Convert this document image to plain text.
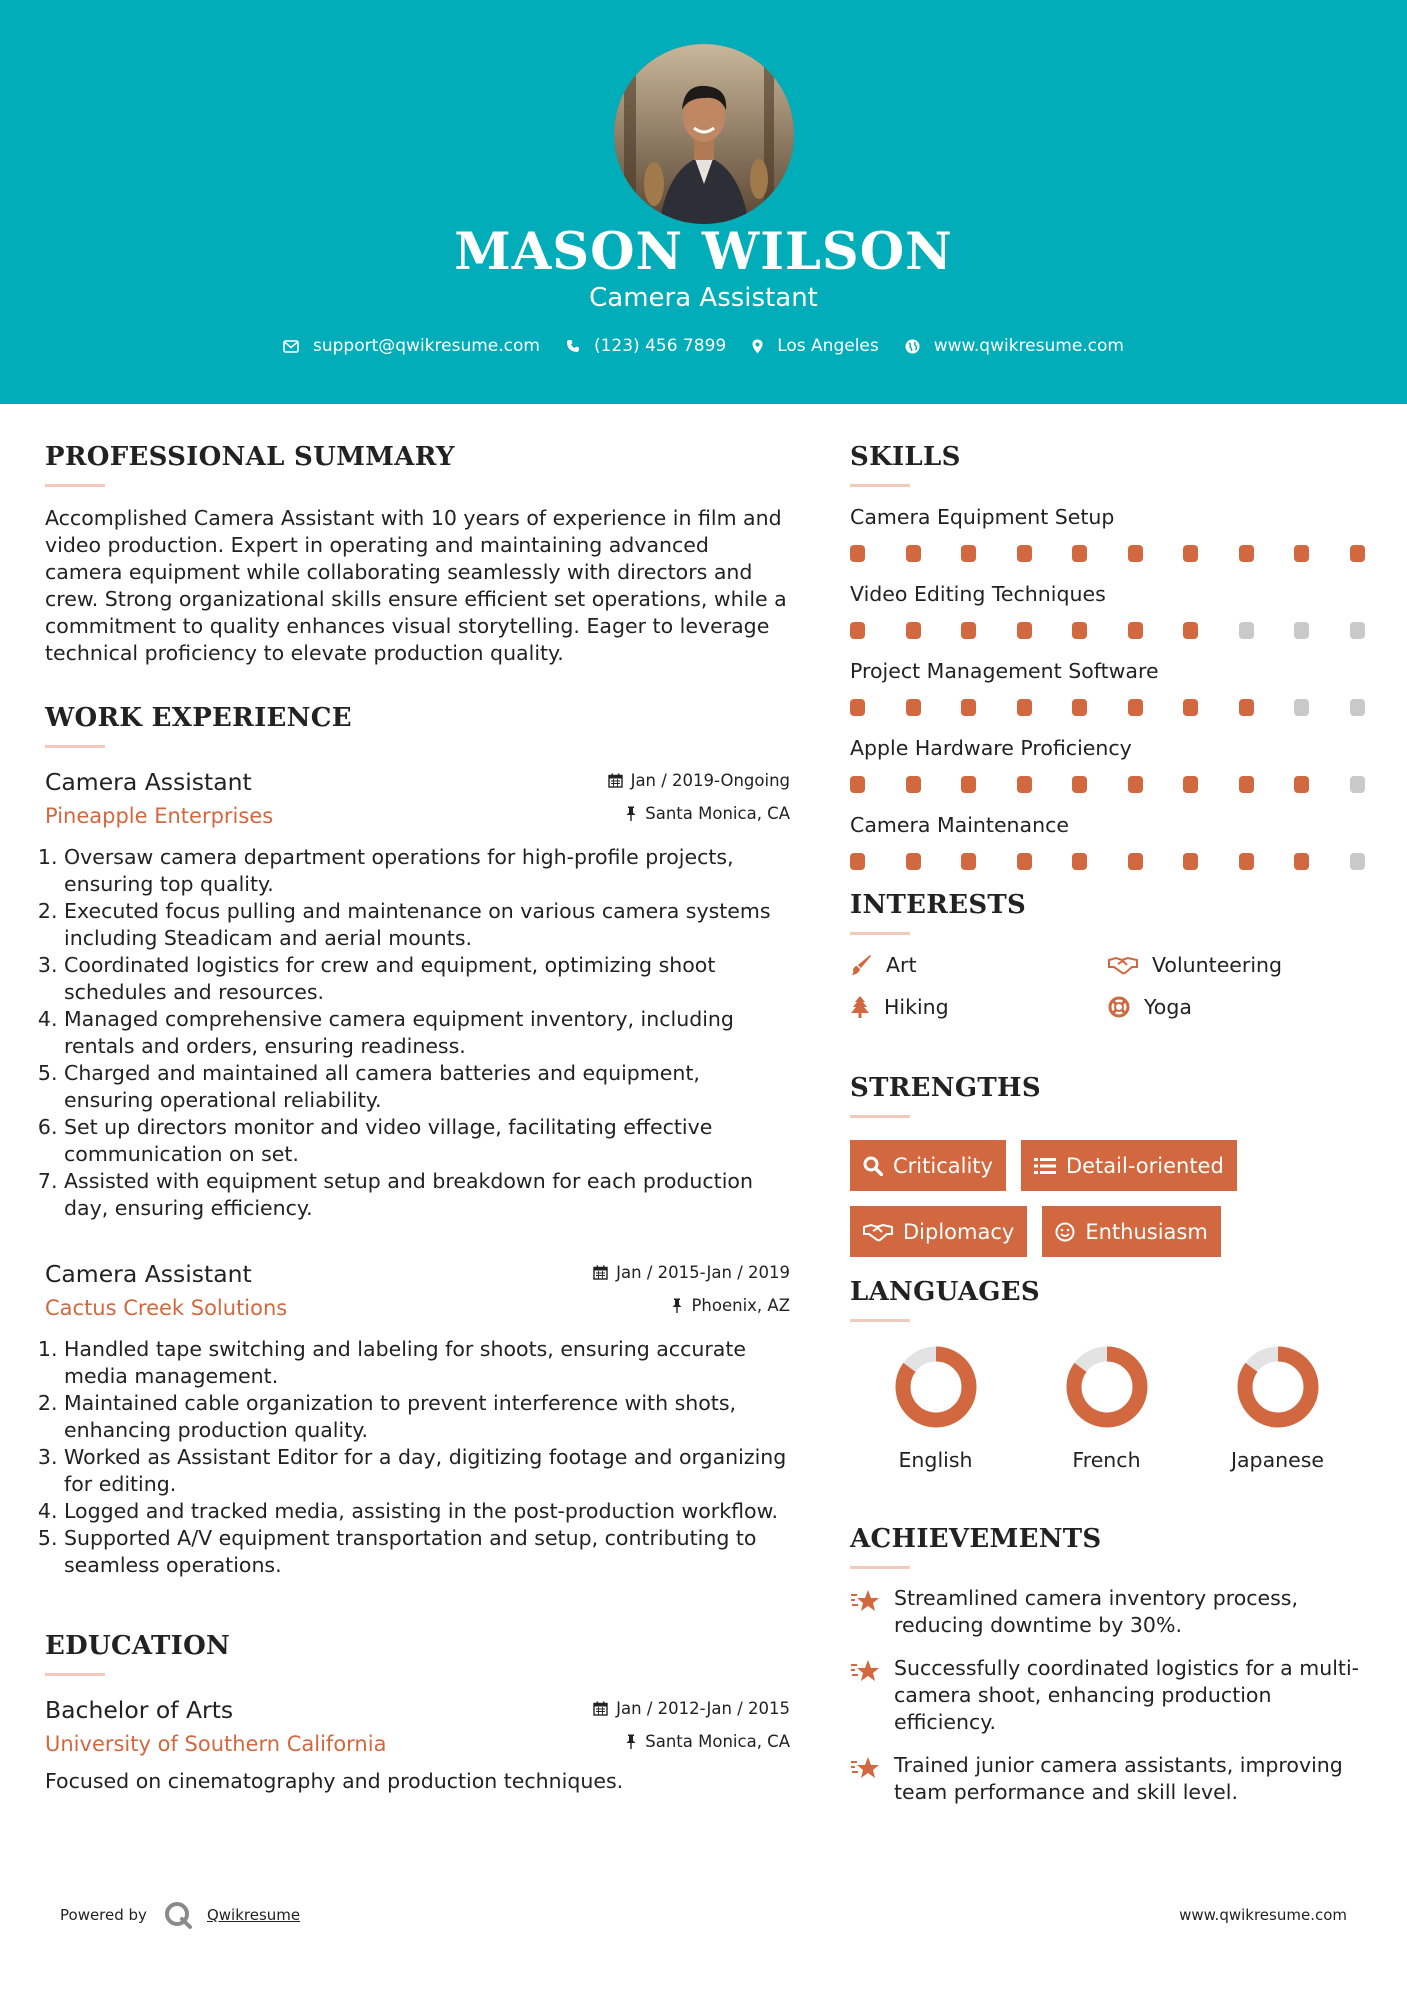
MASON WILSON
Camera Assistant
support@qwikresume.com	(123) 456 7899	Los Angeles	www.qwikresume.com
PROFESSIONAL SUMMARY
Accomplished Camera Assistant with 10 years of experience in film and video production. Expert in operating and maintaining advanced camera equipment while collaborating seamlessly with directors and crew. Strong organizational skills ensure efficient set operations, while a commitment to quality enhances visual storytelling. Eager to leverage technical proficiency to elevate production quality.
WORK EXPERIENCE
Camera Assistant
Pineapple Enterprises
Jan / 2019-Ongoing
Santa Monica, CA
1. Oversaw camera department operations for high-profile projects, ensuring top quality.
2. Executed focus pulling and maintenance on various camera systems including Steadicam and aerial mounts.
3. Coordinated logistics for crew and equipment, optimizing shoot schedules and resources.
4. Managed comprehensive camera equipment inventory, including rentals and orders, ensuring readiness.
5. Charged and maintained all camera batteries and equipment, ensuring operational reliability.
6. Set up directors monitor and video village, facilitating effective communication on set.
7. Assisted with equipment setup and breakdown for each production day, ensuring efficiency.
Camera Assistant
Cactus Creek Solutions
Jan / 2015-Jan / 2019
Phoenix, AZ
1. Handled tape switching and labeling for shoots, ensuring accurate media management.
2. Maintained cable organization to prevent interference with shots, enhancing production quality.
3. Worked as Assistant Editor for a day, digitizing footage and organizing for editing.
4. Logged and tracked media, assisting in the post-production workflow.
5. Supported A/V equipment transportation and setup, contributing to seamless operations.
EDUCATION
Bachelor of Arts
University of Southern California
Jan / 2012-Jan / 2015
Santa Monica, CA
Focused on cinematography and production techniques.
SKILLS
Camera Equipment Setup
Video Editing Techniques
Project Management Software
Apple Hardware Proficiency
Camera Maintenance
INTERESTS
Art	Volunteering
Hiking	Yoga
STRENGTHS
Criticality	Detail-oriented
Diplomacy	Enthusiasm
LANGUAGES
English	French	Japanese
ACHIEVEMENTS
Streamlined camera inventory process, reducing downtime by 30%.
Successfully coordinated logistics for a multi-camera shoot, enhancing production efficiency.
Trained junior camera assistants, improving team performance and skill level.
Powered by	Qwikresume	www.qwikresume.com
